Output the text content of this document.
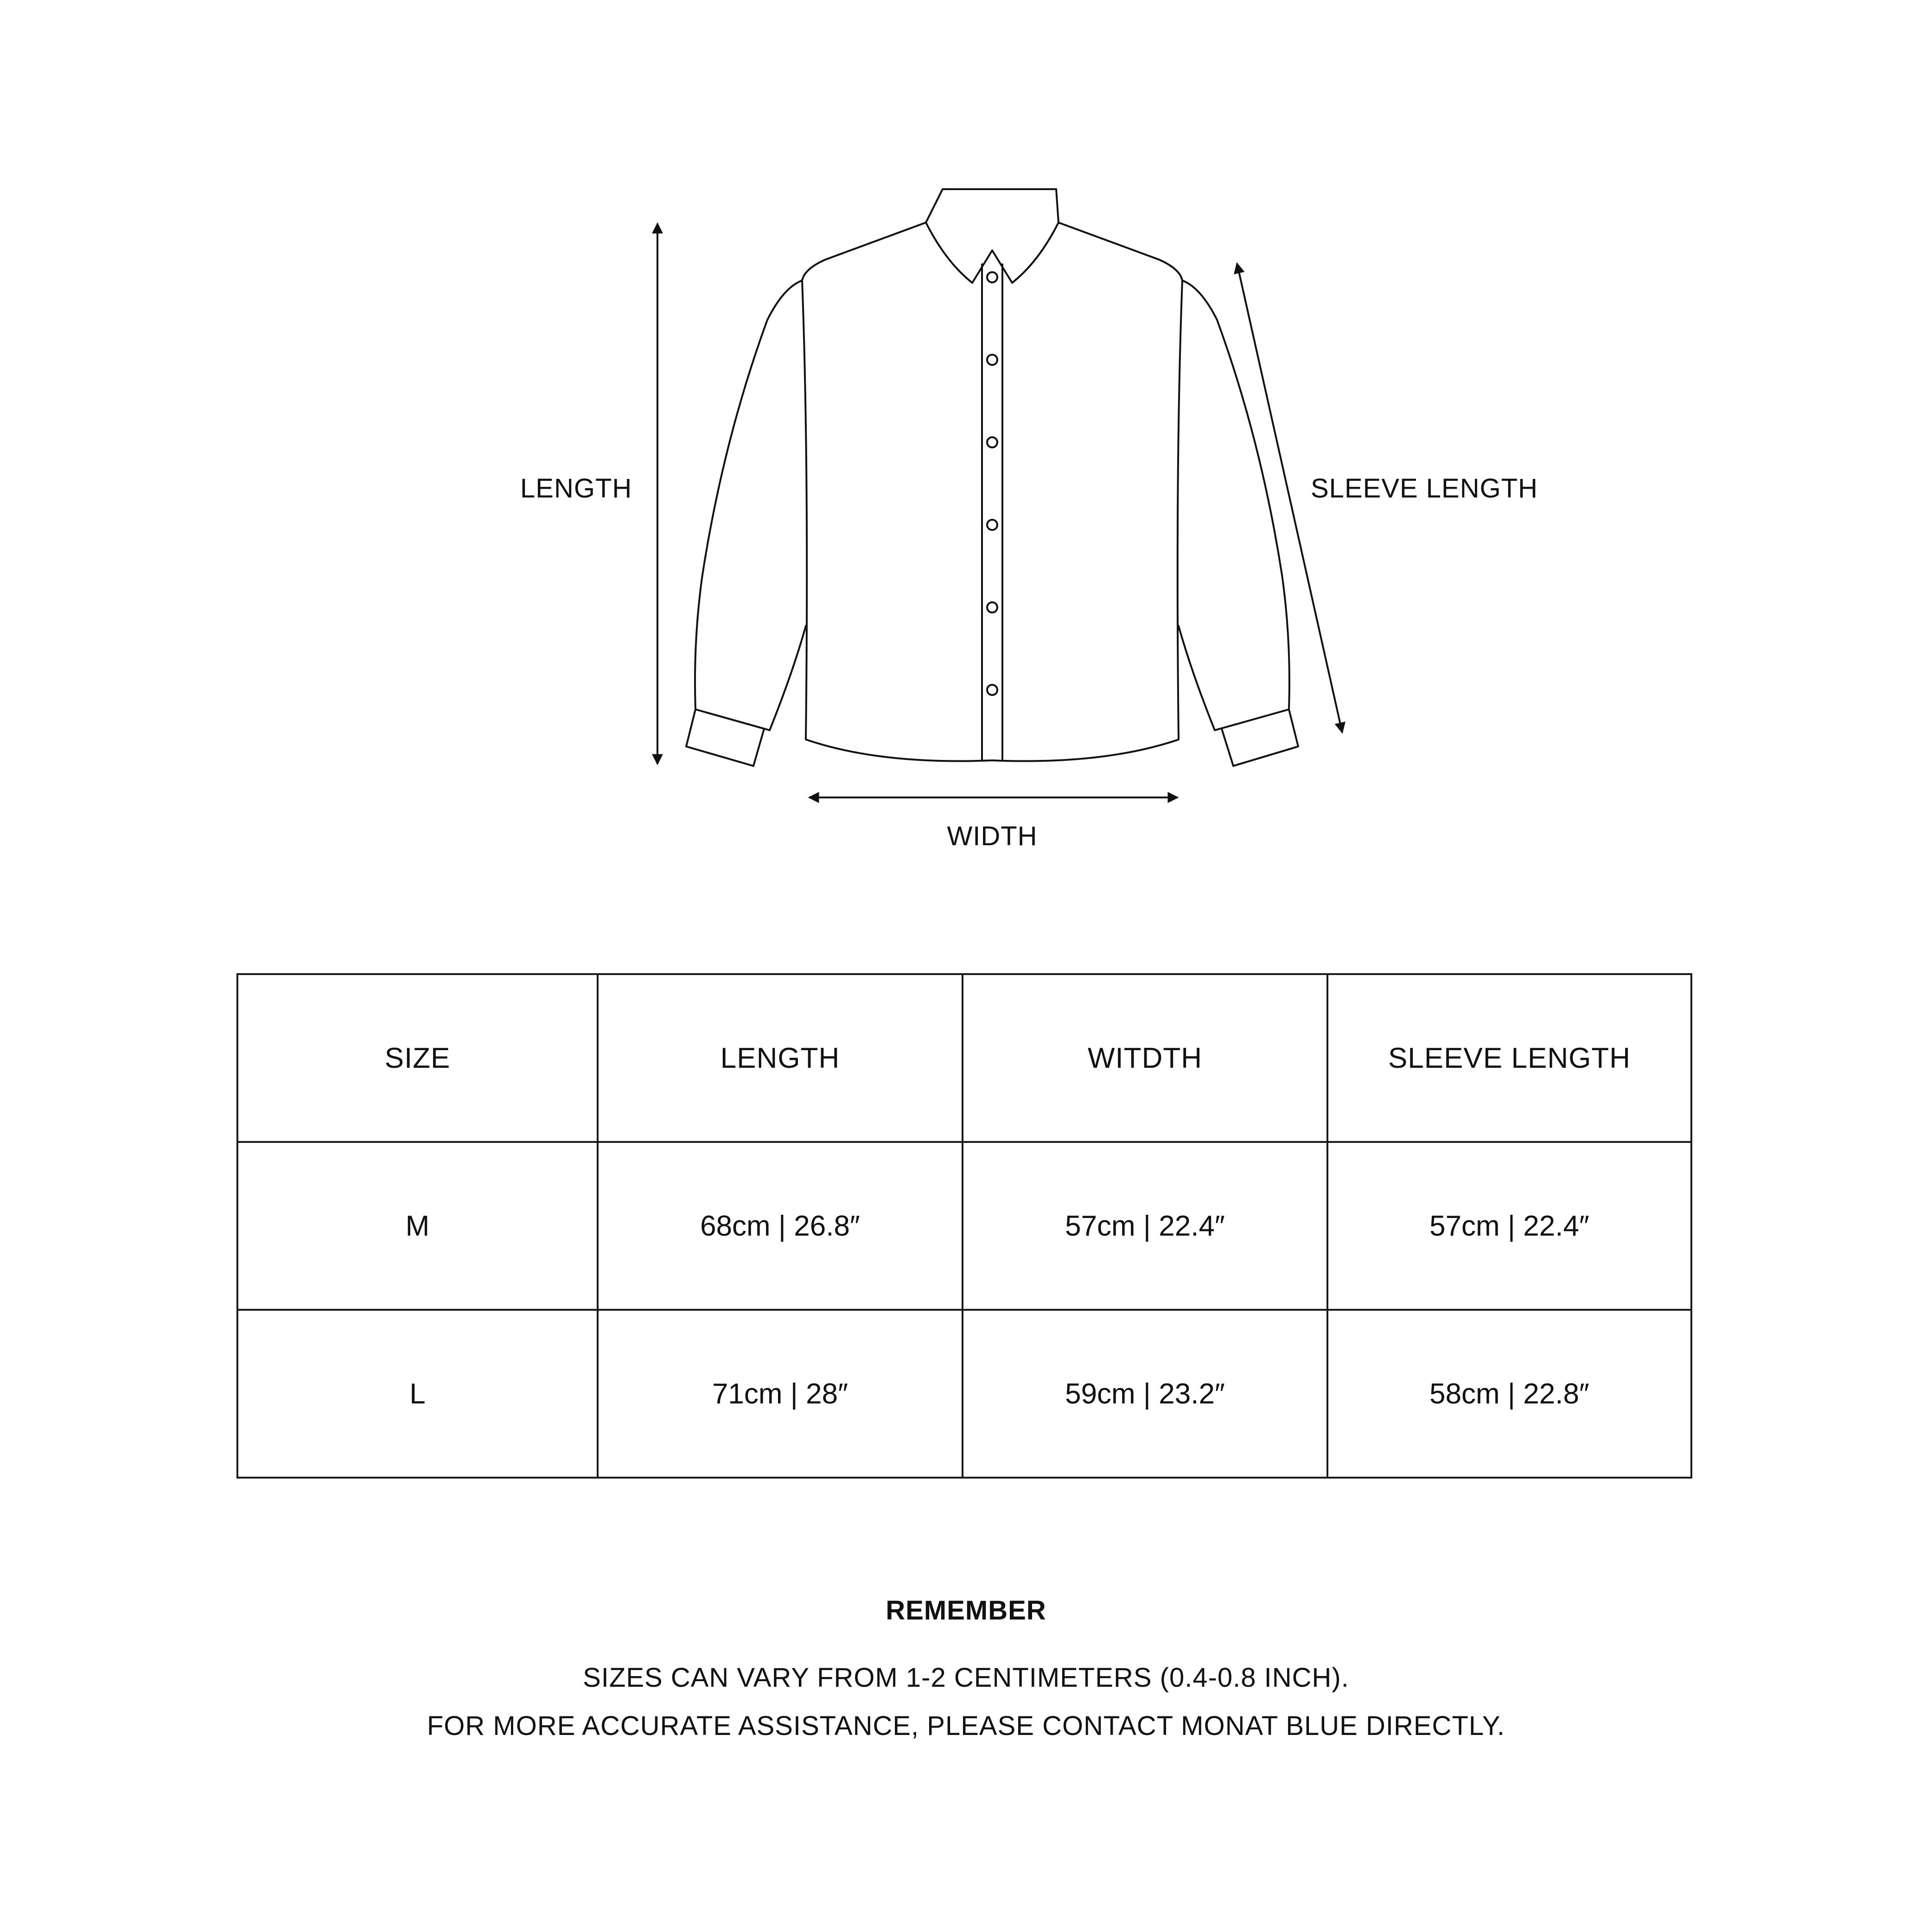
LENGTH	SLEEVE LENGTH
WIDTH
SIZE	LENGTH	WITDTH	SLEEVE LENGTH
M	68cm | 26.8″	57cm | 22.4″	57cm | 22.4″
L	71cm | 28″	59cm | 23.2″	58cm | 22.8″
REMEMBER
SIZES CAN VARY FROM 1-2 CENTIMETERS (0.4-0.8 INCH).
FOR MORE ACCURATE ASSISTANCE, PLEASE CONTACT MONAT BLUE DIRECTLY.
